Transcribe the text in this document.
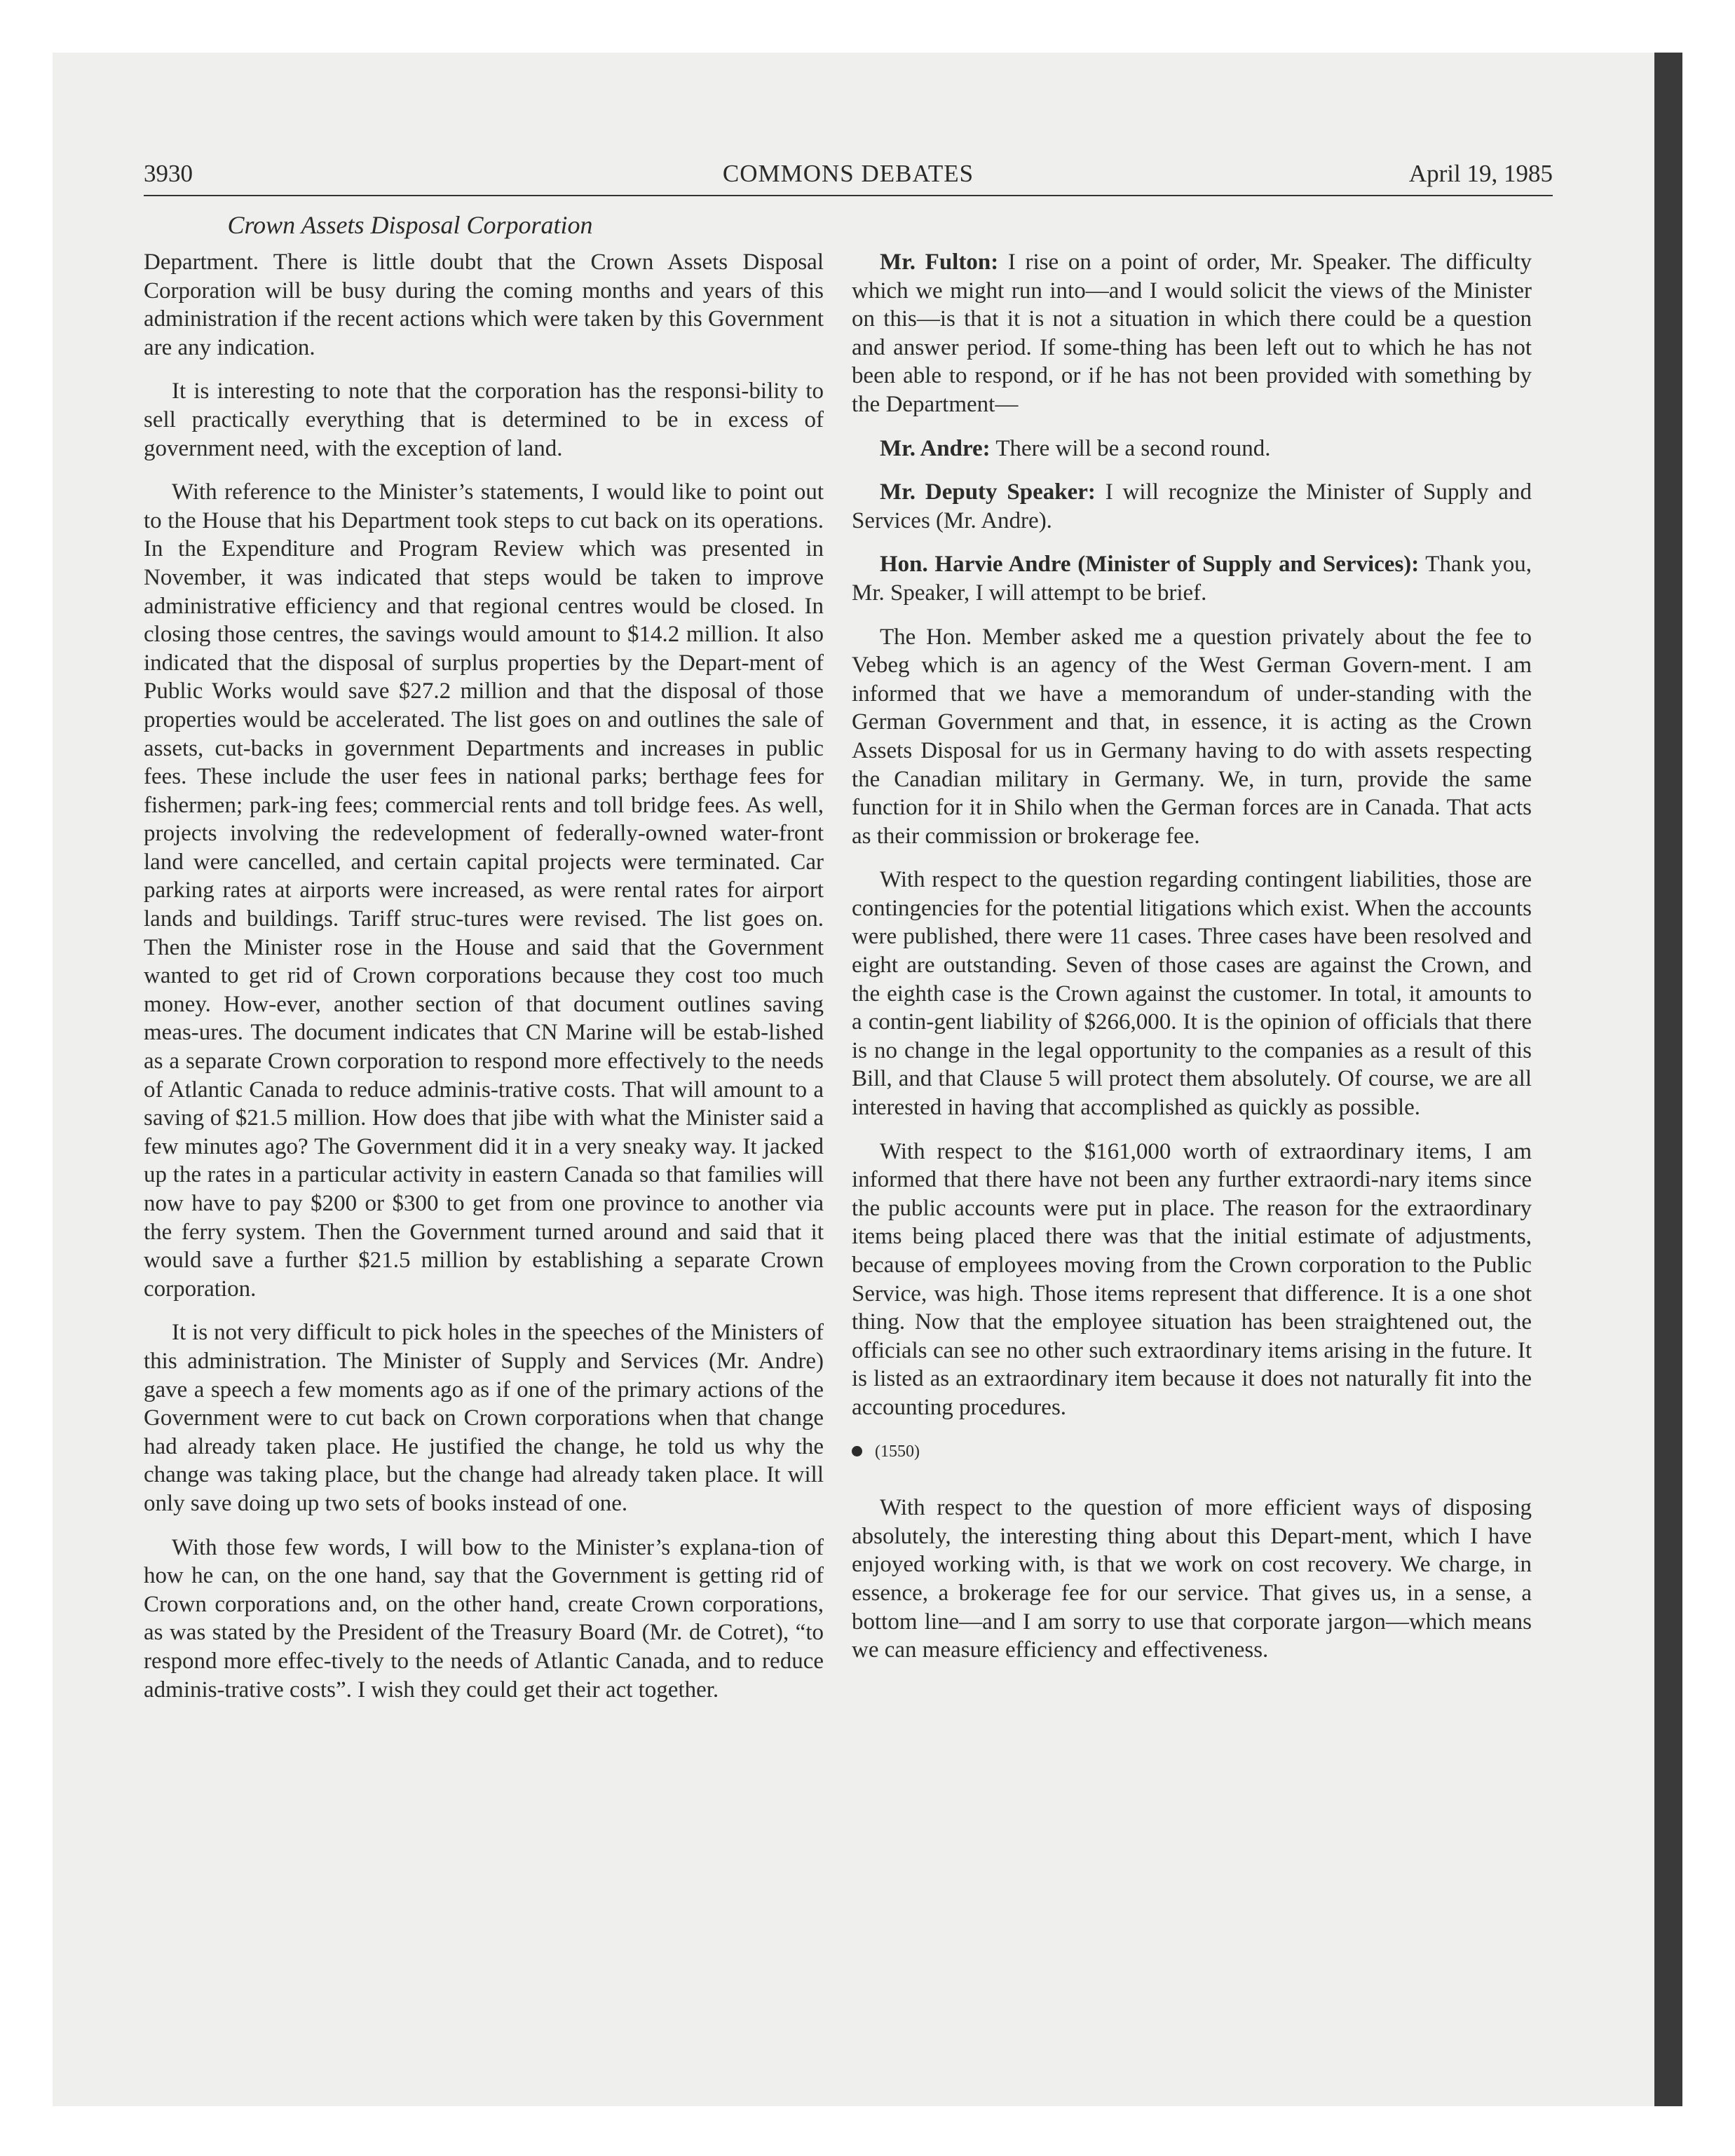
3930	COMMONS DEBATES	April 19, 1985
Crown Assets Disposal Corporation

Department. There is little doubt that the Crown Assets Disposal Corporation will be busy during the coming months and years of this administration if the recent actions which were taken by this Government are any indication.

It is interesting to note that the corporation has the responsi-bility to sell practically everything that is determined to be in excess of government need, with the exception of land.

With reference to the Minister’s statements, I would like to point out to the House that his Department took steps to cut back on its operations. In the Expenditure and Program Review which was presented in November, it was indicated that steps would be taken to improve administrative efficiency and that regional centres would be closed. In closing those centres, the savings would amount to $14.2 million. It also indicated that the disposal of surplus properties by the Depart-ment of Public Works would save $27.2 million and that the disposal of those properties would be accelerated. The list goes on and outlines the sale of assets, cut-backs in government Departments and increases in public fees. These include the user fees in national parks; berthage fees for fishermen; park-ing fees; commercial rents and toll bridge fees. As well, projects involving the redevelopment of federally-owned water-front land were cancelled, and certain capital projects were terminated. Car parking rates at airports were increased, as were rental rates for airport lands and buildings. Tariff struc-tures were revised. The list goes on. Then the Minister rose in the House and said that the Government wanted to get rid of Crown corporations because they cost too much money. How-ever, another section of that document outlines saving meas-ures. The document indicates that CN Marine will be estab-lished as a separate Crown corporation to respond more effectively to the needs of Atlantic Canada to reduce adminis-trative costs. That will amount to a saving of $21.5 million. How does that jibe with what the Minister said a few minutes ago? The Government did it in a very sneaky way. It jacked up the rates in a particular activity in eastern Canada so that families will now have to pay $200 or $300 to get from one province to another via the ferry system. Then the Government turned around and said that it would save a further $21.5 million by establishing a separate Crown corporation.

It is not very difficult to pick holes in the speeches of the Ministers of this administration. The Minister of Supply and Services (Mr. Andre) gave a speech a few moments ago as if one of the primary actions of the Government were to cut back on Crown corporations when that change had already taken place. He justified the change, he told us why the change was taking place, but the change had already taken place. It will only save doing up two sets of books instead of one.

With those few words, I will bow to the Minister’s explana-tion of how he can, on the one hand, say that the Government is getting rid of Crown corporations and, on the other hand, create Crown corporations, as was stated by the President of the Treasury Board (Mr. de Cotret), “to respond more effec-tively to the needs of Atlantic Canada, and to reduce adminis-trative costs”. I wish they could get their act together.

Mr. Fulton: I rise on a point of order, Mr. Speaker. The difficulty which we might run into—and I would solicit the views of the Minister on this—is that it is not a situation in which there could be a question and answer period. If some-thing has been left out to which he has not been able to respond, or if he has not been provided with something by the Department—

Mr. Andre: There will be a second round.

Mr. Deputy Speaker: I will recognize the Minister of Supply and Services (Mr. Andre).

Hon. Harvie Andre (Minister of Supply and Services): Thank you, Mr. Speaker, I will attempt to be brief.

The Hon. Member asked me a question privately about the fee to Vebeg which is an agency of the West German Govern-ment. I am informed that we have a memorandum of under-standing with the German Government and that, in essence, it is acting as the Crown Assets Disposal for us in Germany having to do with assets respecting the Canadian military in Germany. We, in turn, provide the same function for it in Shilo when the German forces are in Canada. That acts as their commission or brokerage fee.

With respect to the question regarding contingent liabilities, those are contingencies for the potential litigations which exist. When the accounts were published, there were 11 cases. Three cases have been resolved and eight are outstanding. Seven of those cases are against the Crown, and the eighth case is the Crown against the customer. In total, it amounts to a contin-gent liability of $266,000. It is the opinion of officials that there is no change in the legal opportunity to the companies as a result of this Bill, and that Clause 5 will protect them absolutely. Of course, we are all interested in having that accomplished as quickly as possible.

With respect to the $161,000 worth of extraordinary items, I am informed that there have not been any further extraordi-nary items since the public accounts were put in place. The reason for the extraordinary items being placed there was that the initial estimate of adjustments, because of employees moving from the Crown corporation to the Public Service, was high. Those items represent that difference. It is a one shot thing. Now that the employee situation has been straightened out, the officials can see no other such extraordinary items arising in the future. It is listed as an extraordinary item because it does not naturally fit into the accounting procedures.

(1550)

With respect to the question of more efficient ways of disposing absolutely, the interesting thing about this Depart-ment, which I have enjoyed working with, is that we work on cost recovery. We charge, in essence, a brokerage fee for our service. That gives us, in a sense, a bottom line—and I am sorry to use that corporate jargon—which means we can measure efficiency and effectiveness.
